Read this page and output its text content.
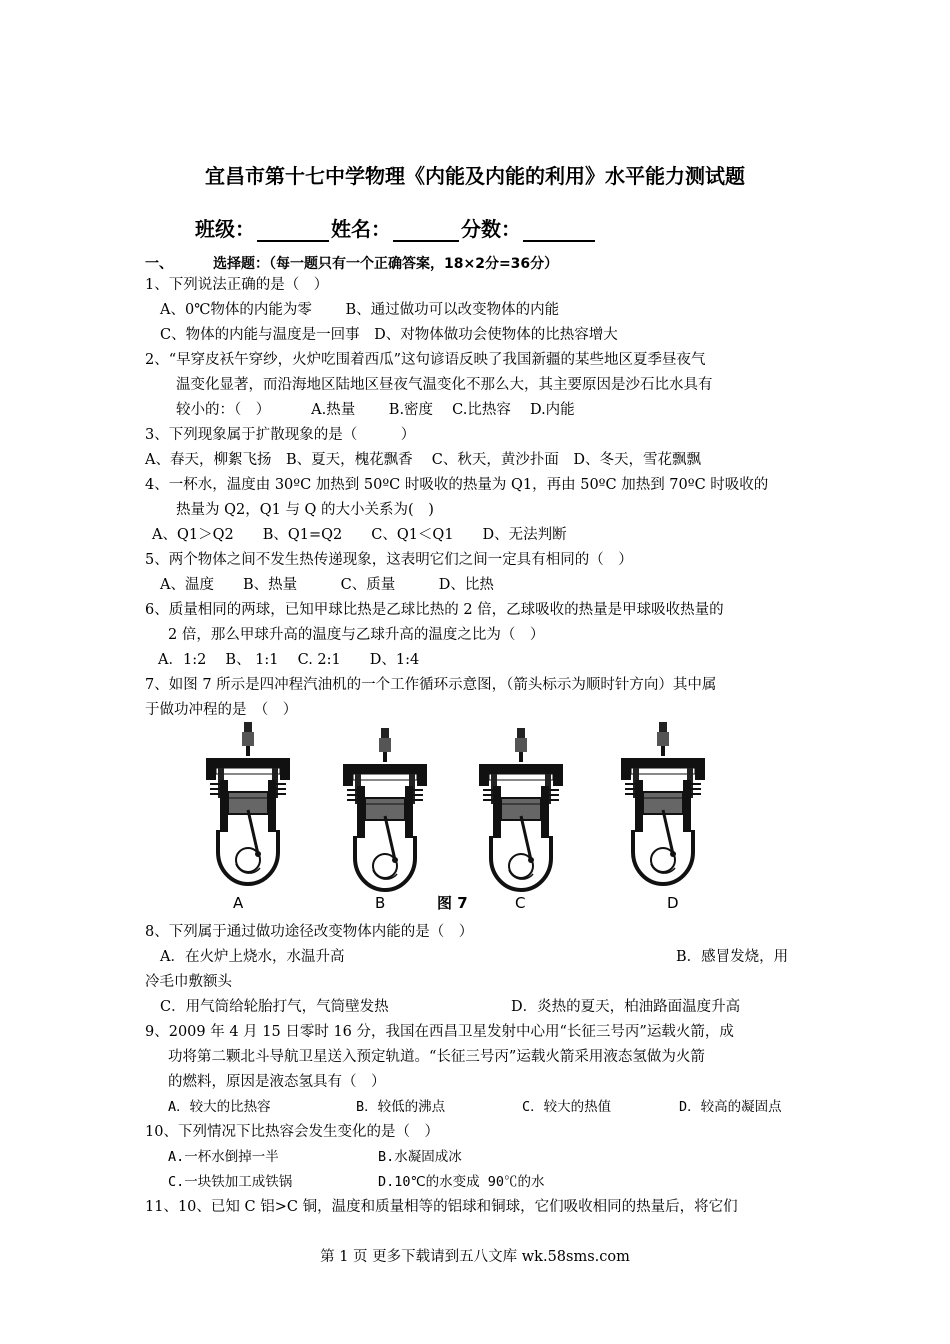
宜昌市第十七中学物理《内能及内能的利用》水平能力测试题
班级：	姓名：	分数：
一、	选择题：（每一题只有一个正确答案，18×2分=36分）
1、下列说法正确的是（　）
A、0℃物体的内能为零　　 B、通过做功可以改变物体的内能
C、物体的内能与温度是一回事　D、对物体做功会使物体的比热容增大
2、“早穿皮袄午穿纱，火炉吃围着西瓜”这句谚语反映了我国新疆的某些地区夏季昼夜气
温变化显著，而沿海地区陆地区昼夜气温变化不那么大，其主要原因是沙石比水具有
较小的：（　）　　　 A.热量　　 B.密度　 C.比热容　 D.内能
3、下列现象属于扩散现象的是（　　　）
A、春天，柳絮飞扬　B、夏天，槐花飘香　 C、秋天，黄沙扑面　D、冬天，雪花飘飘
4、一杯水，温度由 30ºC 加热到 50ºC 时吸收的热量为 Q1，再由 50ºC 加热到 70ºC 时吸收的
热量为 Q2，Q1 与 Q 的大小关系为(　)
A、Q1＞Q2　　B、Q1=Q2　　C、Q1＜Q1　　D、无法判断
5、两个物体之间不发生热传递现象，这表明它们之间一定具有相同的（　）
A、温度　　B、热量　　　C、质量　　　D、比热
6、质量相同的两球，已知甲球比热是乙球比热的 2 倍，乙球吸收的热量是甲球吸收热量的
2 倍，那么甲球升高的温度与乙球升高的温度之比为（　）
A．1:2　 B、 1:1　 C. 2:1　　D、1:4
7、如图 7 所示是四冲程汽油机的一个工作循环示意图，（箭头标示为顺时针方向）其中属
于做功冲程的是　（　）
A	B	图 7	C	D
8、下列属于通过做功途径改变物体内能的是（　）
A．在火炉上烧水，水温升高	B．感冒发烧，用
冷毛巾敷额头
C．用气筒给轮胎打气，气筒壁发热	D．炎热的夏天，柏油路面温度升高
9、2009 年 4 月 15 日零时 16 分，我国在西昌卫星发射中心用“长征三号丙”运载火箭，成
功将第二颗北斗导航卫星送入预定轨道。“长征三号丙”运载火箭采用液态氢做为火箭
的燃料，原因是液态氢具有（　）
A．较大的比热容	B．较低的沸点	C．较大的热值	D．较高的凝固点
10、下列情况下比热容会发生变化的是（　）
A.一杯水倒掉一半	B.水凝固成冰
C.一块铁加工成铁锅	D.10℃的水变成 90℃的水
11、10、已知 C 铝>C 铜，温度和质量相等的铝球和铜球，它们吸收相同的热量后，将它们
第 1 页 更多下载请到五八文库 wk.58sms.com
